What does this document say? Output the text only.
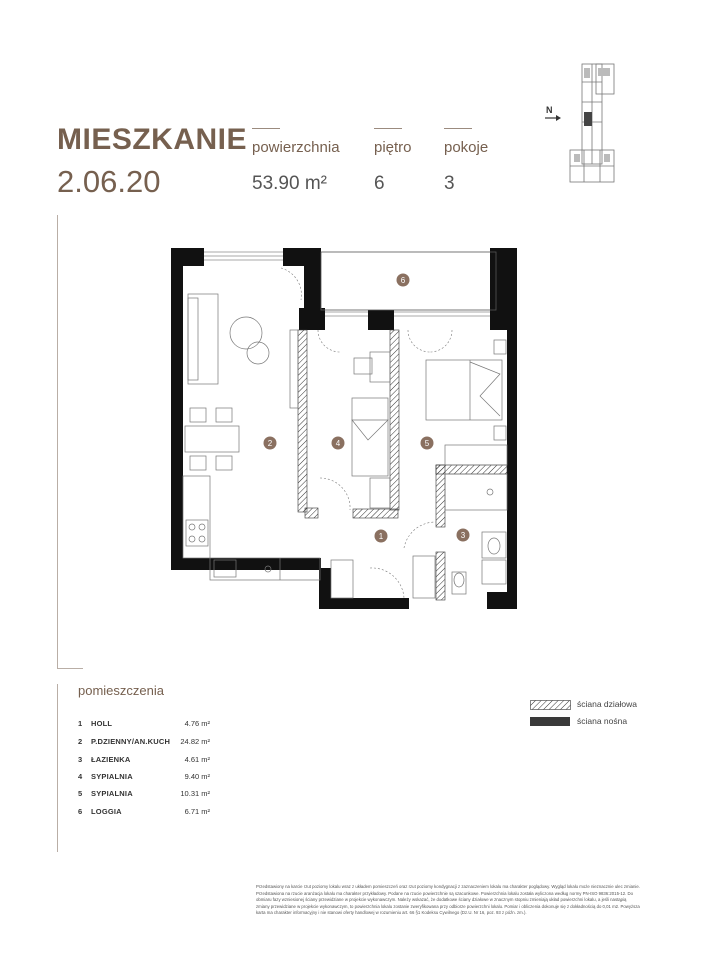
MIESZKANIE
2.06.20
powierzchnia
53.90 m²
piętro
6
pokoje
3
N
1
2
3
4	5
6
pomieszczenia
1 HOLL	4.76 m²
2 P.DZIENNY/AN.KUCH 24.82 m²
3 ŁAZIENKA	4.61 m²
4 SYPIALNIA	9.40 m²
5 SYPIALNIA	10.31 m²
6 LOGGIA	6.71 m²
ściana działowa
ściana nośna
Przedstawiony na karcie rzut poziomy lokalu wraz z układem pomieszczeń oraz rzut poziomy kondygnacji z zaznaczeniem lokalu ma charakter poglądowy. Wygląd lokalu może nieznacznie ulec zmianie. Przedstawiona na rzucie aranżacja lokalu ma charakter przykładowy. Podane na rzucie powierzchnie są szacunkowe. Powierzchnia lokalu została wyliczona według normy PN-ISO 9836:2015-12. Do obmiaru fazy wzniesionej ściany przewidziane w projekcie wykonawczym. Należy wskazać, że dodatkowe ściany działowe w znacznym stopniu zmieniają układ powierzchni lokalu, a jeśli nastąpią zmiany przewidziane w projekcie wykonawczym, to powierzchnia lokalu zostanie zweryfikowana przy odbiorze powierzchni lokalu. Pomiar i obliczenia dokonuje się z dokładnością do 0,01 m2. Powyższa karta ma charakter informacyjny i nie stanowi oferty handlowej w rozumieniu art. 66 §1 Kodeksu Cywilnego (Dz.U. Nr 16, poz. 93 z późn. zm.).
